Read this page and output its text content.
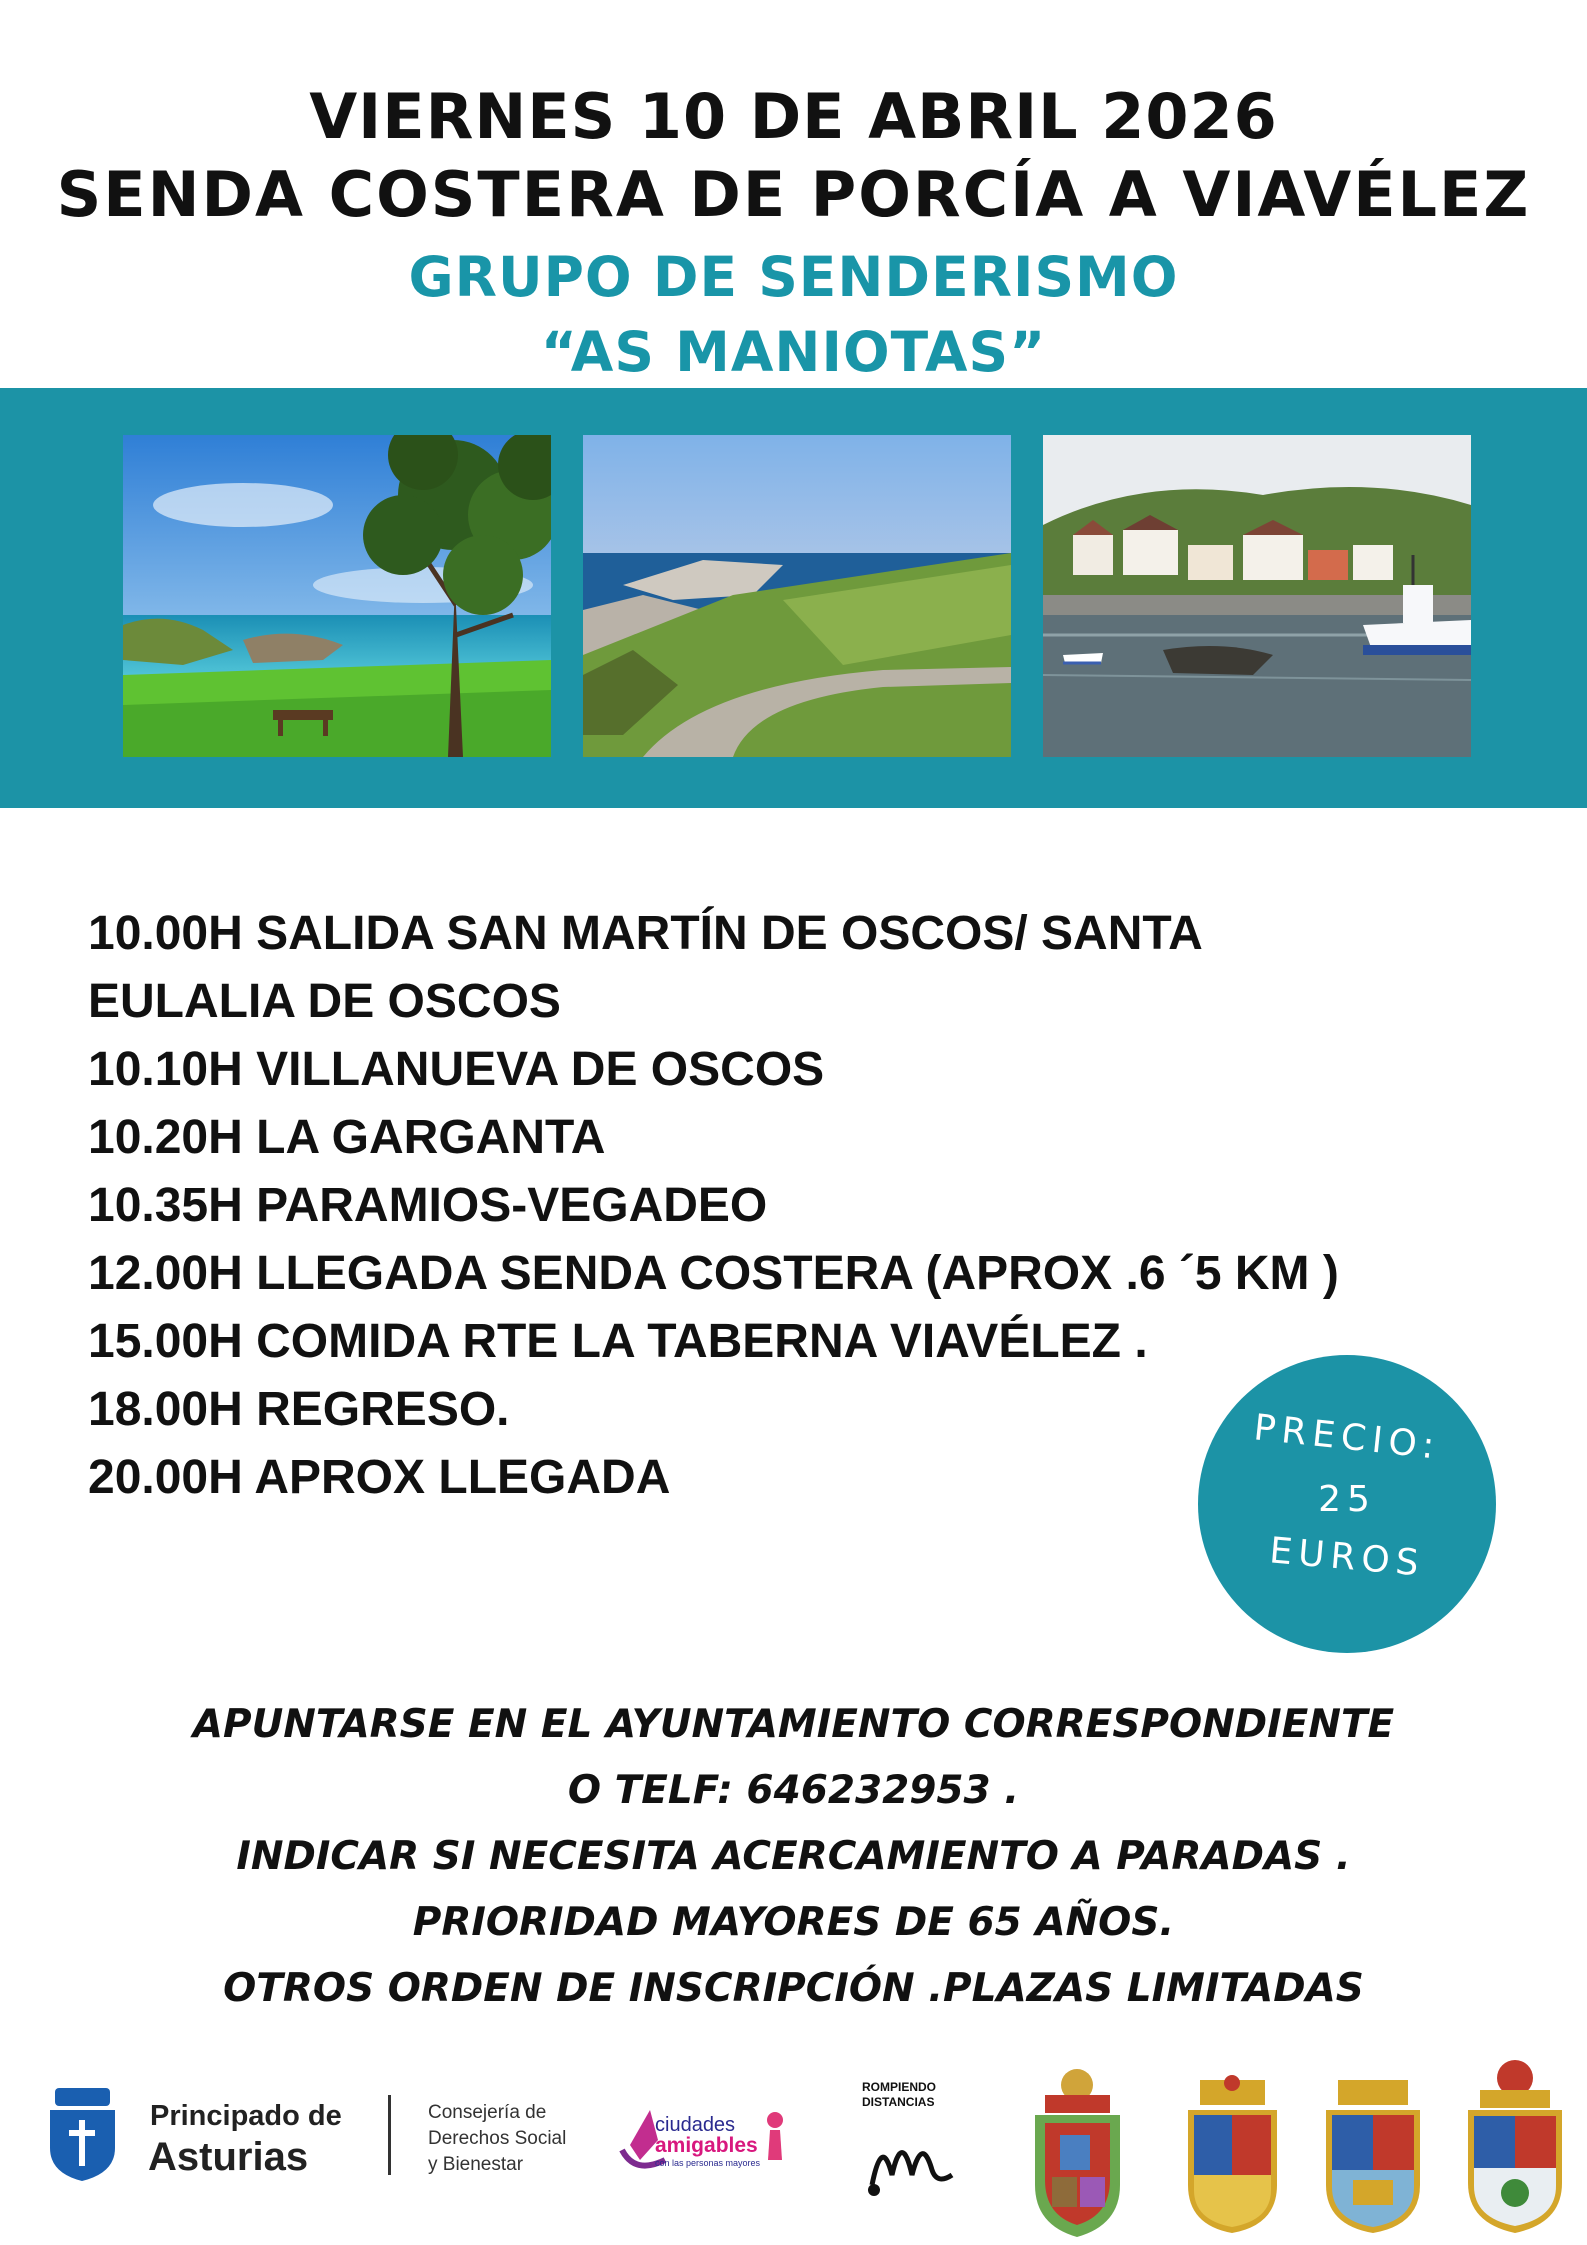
VIERNES 10 DE ABRIL 2026
SENDA COSTERA DE PORCÍA A VIAVÉLEZ
GRUPO DE SENDERISMO
“AS MANIOTAS”
10.00H SALIDA SAN MARTÍN DE OSCOS/ SANTA
EULALIA DE OSCOS
10.10H VILLANUEVA DE OSCOS
10.20H LA GARGANTA
10.35H PARAMIOS-VEGADEO
12.00H LLEGADA SENDA COSTERA (APROX .6 ´5 KM )
15.00H COMIDA RTE LA TABERNA VIAVÉLEZ .
18.00H REGRESO.
20.00H APROX LLEGADA
PRECIO:
25
EUROS
APUNTARSE EN EL AYUNTAMIENTO CORRESPONDIENTE
O TELF: 646232953 .
INDICAR SI NECESITA ACERCAMIENTO A PARADAS .
PRIORIDAD MAYORES DE 65 AÑOS.
OTROS ORDEN DE INSCRIPCIÓN .PLAZAS LIMITADAS
Principado de
Asturias
Consejería de
Derechos Social
y Bienestar
ciudades
amigables
con las personas mayores
ROMPIENDO
DISTANCIAS
